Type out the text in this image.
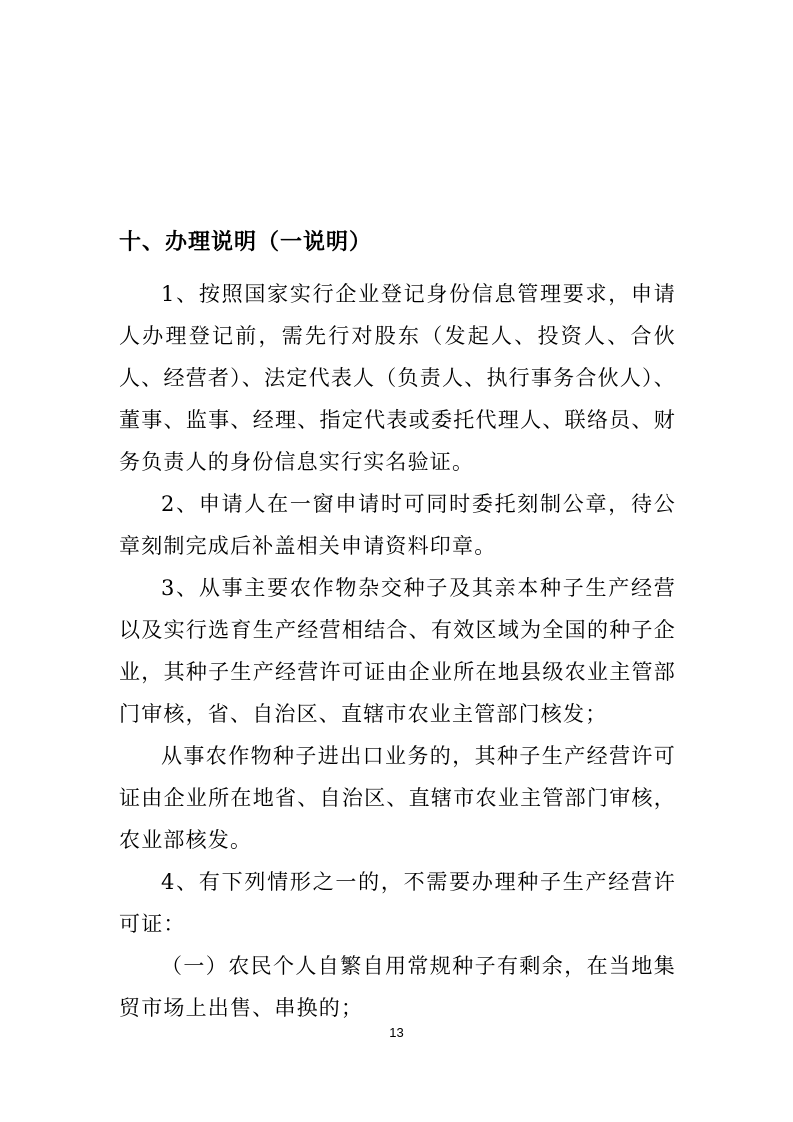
十、办理说明（一说明）

1、按照国家实行企业登记身份信息管理要求，申请人办理登记前，需先行对股东（发起人、投资人、合伙人、经营者）、法定代表人（负责人、执行事务合伙人）、董事、监事、经理、指定代表或委托代理人、联络员、财务负责人的身份信息实行实名验证。

2、申请人在一窗申请时可同时委托刻制公章，待公章刻制完成后补盖相关申请资料印章。

3、从事主要农作物杂交种子及其亲本种子生产经营以及实行选育生产经营相结合、有效区域为全国的种子企业，其种子生产经营许可证由企业所在地县级农业主管部门审核，省、自治区、直辖市农业主管部门核发；

从事农作物种子进出口业务的，其种子生产经营许可证由企业所在地省、自治区、直辖市农业主管部门审核，农业部核发。

4、有下列情形之一的，不需要办理种子生产经营许可证：

（一）农民个人自繁自用常规种子有剩余，在当地集贸市场上出售、串换的；

13
